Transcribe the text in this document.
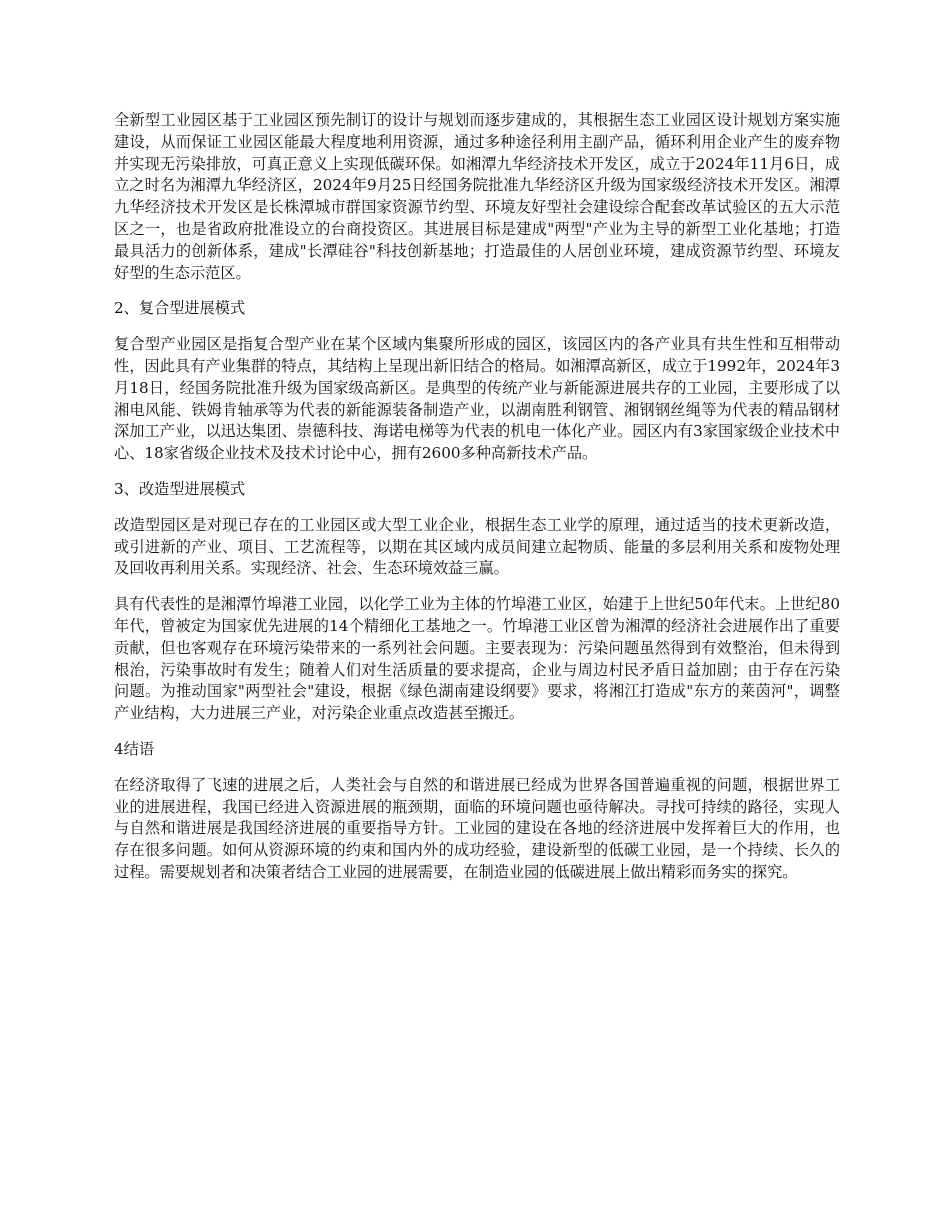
全新型工业园区基于工业园区预先制订的设计与规划而逐步建成的，其根据生态工业园区设计规划方案实施建设，从而保证工业园区能最大程度地利用资源，通过多种途径利用主副产品，循环利用企业产生的废弃物并实现无污染排放，可真正意义上实现低碳环保。如湘潭九华经济技术开发区，成立于2024年11月6日，成立之时名为湘潭九华经济区，2024年9月25日经国务院批准九华经济区升级为国家级经济技术开发区。湘潭九华经济技术开发区是长株潭城市群国家资源节约型、环境友好型社会建设综合配套改革试验区的五大示范区之一，也是省政府批准设立的台商投资区。其进展目标是建成"两型"产业为主导的新型工业化基地；打造最具活力的创新体系，建成"长潭硅谷"科技创新基地；打造最佳的人居创业环境，建成资源节约型、环境友好型的生态示范区。

2、复合型进展模式

复合型产业园区是指复合型产业在某个区域内集聚所形成的园区，该园区内的各产业具有共生性和互相带动性，因此具有产业集群的特点，其结构上呈现出新旧结合的格局。如湘潭高新区，成立于1992年，2024年3月18日，经国务院批准升级为国家级高新区。是典型的传统产业与新能源进展共存的工业园，主要形成了以湘电风能、铁姆肯轴承等为代表的新能源装备制造产业，以湖南胜利钢管、湘钢钢丝绳等为代表的精品钢材深加工产业，以迅达集团、崇德科技、海诺电梯等为代表的机电一体化产业。园区内有3家国家级企业技术中心、18家省级企业技术及技术讨论中心，拥有2600多种高新技术产品。

3、改造型进展模式

改造型园区是对现已存在的工业园区或大型工业企业，根据生态工业学的原理，通过适当的技术更新改造，或引进新的产业、项目、工艺流程等，以期在其区域内成员间建立起物质、能量的多层利用关系和废物处理及回收再利用关系。实现经济、社会、生态环境效益三赢。

具有代表性的是湘潭竹埠港工业园，以化学工业为主体的竹埠港工业区，始建于上世纪50年代末。上世纪80年代，曾被定为国家优先进展的14个精细化工基地之一。竹埠港工业区曾为湘潭的经济社会进展作出了重要贡献，但也客观存在环境污染带来的一系列社会问题。主要表现为：污染问题虽然得到有效整治，但未得到根治，污染事故时有发生；随着人们对生活质量的要求提高，企业与周边村民矛盾日益加剧；由于存在污染问题。为推动国家"两型社会"建设，根据《绿色湖南建设纲要》要求，将湘江打造成"东方的莱茵河"，调整产业结构，大力进展三产业，对污染企业重点改造甚至搬迁。

4结语

在经济取得了飞速的进展之后，人类社会与自然的和谐进展已经成为世界各国普遍重视的问题，根据世界工业的进展进程，我国已经进入资源进展的瓶颈期，面临的环境问题也亟待解决。寻找可持续的路径，实现人与自然和谐进展是我国经济进展的重要指导方针。工业园的建设在各地的经济进展中发挥着巨大的作用，也存在很多问题。如何从资源环境的约束和国内外的成功经验，建设新型的低碳工业园，是一个持续、长久的过程。需要规划者和决策者结合工业园的进展需要，在制造业园的低碳进展上做出精彩而务实的探究。
